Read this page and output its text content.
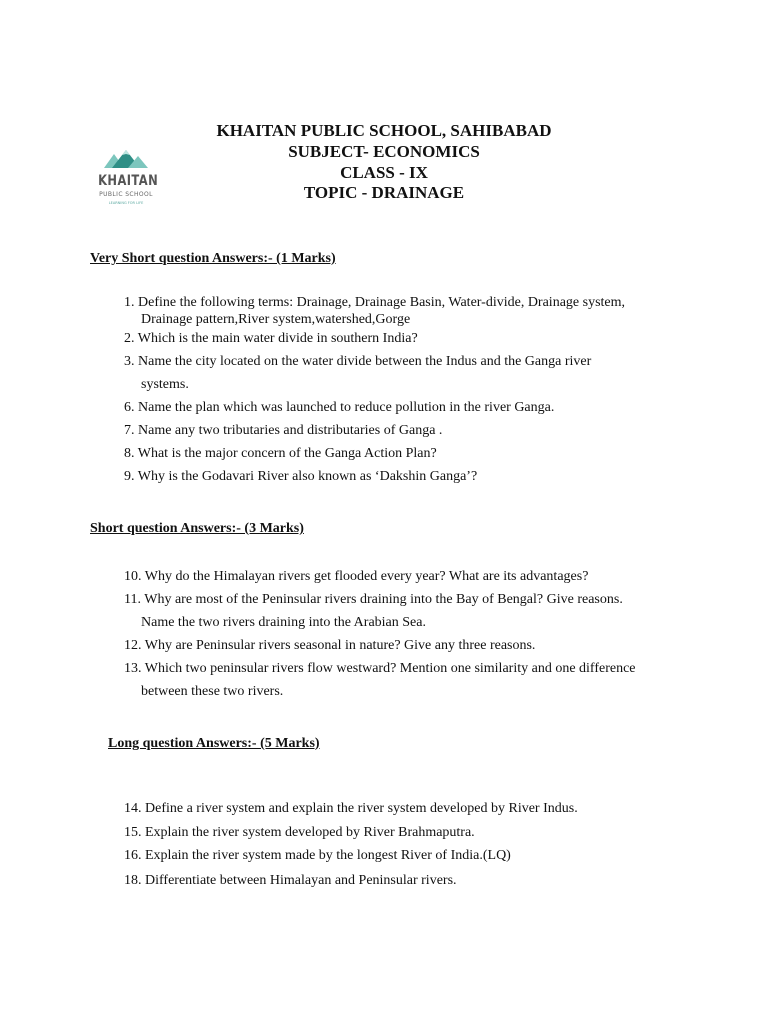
KHAITAN
PUBLIC SCHOOL
LEARNING FOR LIFE
KHAITAN PUBLIC SCHOOL, SAHIBABAD
SUBJECT- ECONOMICS
CLASS - IX
TOPIC - DRAINAGE
Very Short question Answers:- (1 Marks)
1. Define the following terms: Drainage, Drainage Basin, Water-divide, Drainage system,
Drainage pattern,River system,watershed,Gorge
2. Which is the main water divide in southern India?
3. Name the city located on the water divide between the Indus and the Ganga river
systems.
6. Name the plan which was launched to reduce pollution in the river Ganga.
7. Name any two tributaries and distributaries of Ganga .
8. What is the major concern of the Ganga Action Plan?
9. Why is the Godavari River also known as ‘Dakshin Ganga’?
Short question Answers:- (3 Marks)
10. Why do the Himalayan rivers get flooded every year? What are its advantages?
11. Why are most of the Peninsular rivers draining into the Bay of Bengal? Give reasons.
Name the two rivers draining into the Arabian Sea.
12. Why are Peninsular rivers seasonal in nature? Give any three reasons.
13. Which two peninsular rivers flow westward? Mention one similarity and one difference
between these two rivers.
Long question Answers:- (5 Marks)
14. Define a river system and explain the river system developed by River Indus.
15. Explain the river system developed by River Brahmaputra.
16. Explain the river system made by the longest River of India.(LQ)
18. Differentiate between Himalayan and Peninsular rivers.
